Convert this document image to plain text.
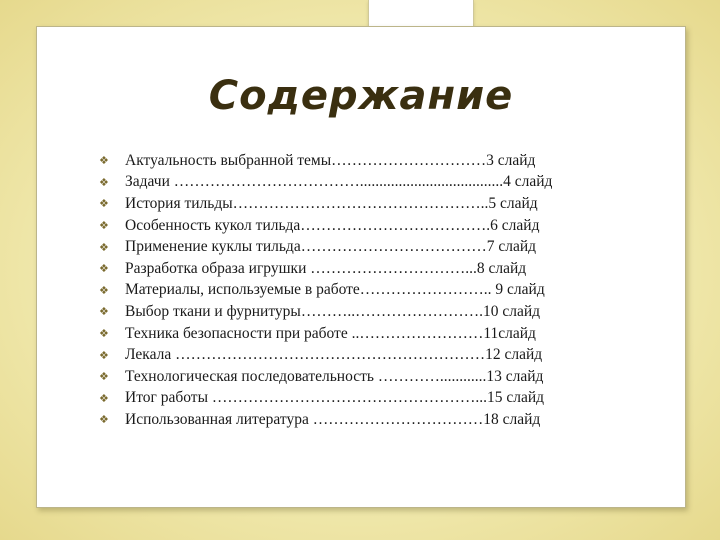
Содержание
❖	Актуальность выбранной темы…………………………3 слайд
❖	Задачи ……………………………….....................................4 слайд
❖	История тильды…………………………………………..5 слайд
❖	Особенность кукол тильда……………………………….6 слайд
❖	Применение куклы тильда………………………………7 слайд
❖	Разработка образа игрушки …………………………...8 слайд
❖	Материалы, используемые в работе…………………….. 9 слайд
❖	Выбор ткани и фурнитуры………..…………………….10 слайд
❖	Техника безопасности при работе ..……………………11слайд
❖	Лекала ……………………………………………………12 слайд
❖	Технологическая последовательность …………............13 слайд
❖	Итог работы ……………………………………………...15 слайд
❖	Использованная литература ……………………………18 слайд
